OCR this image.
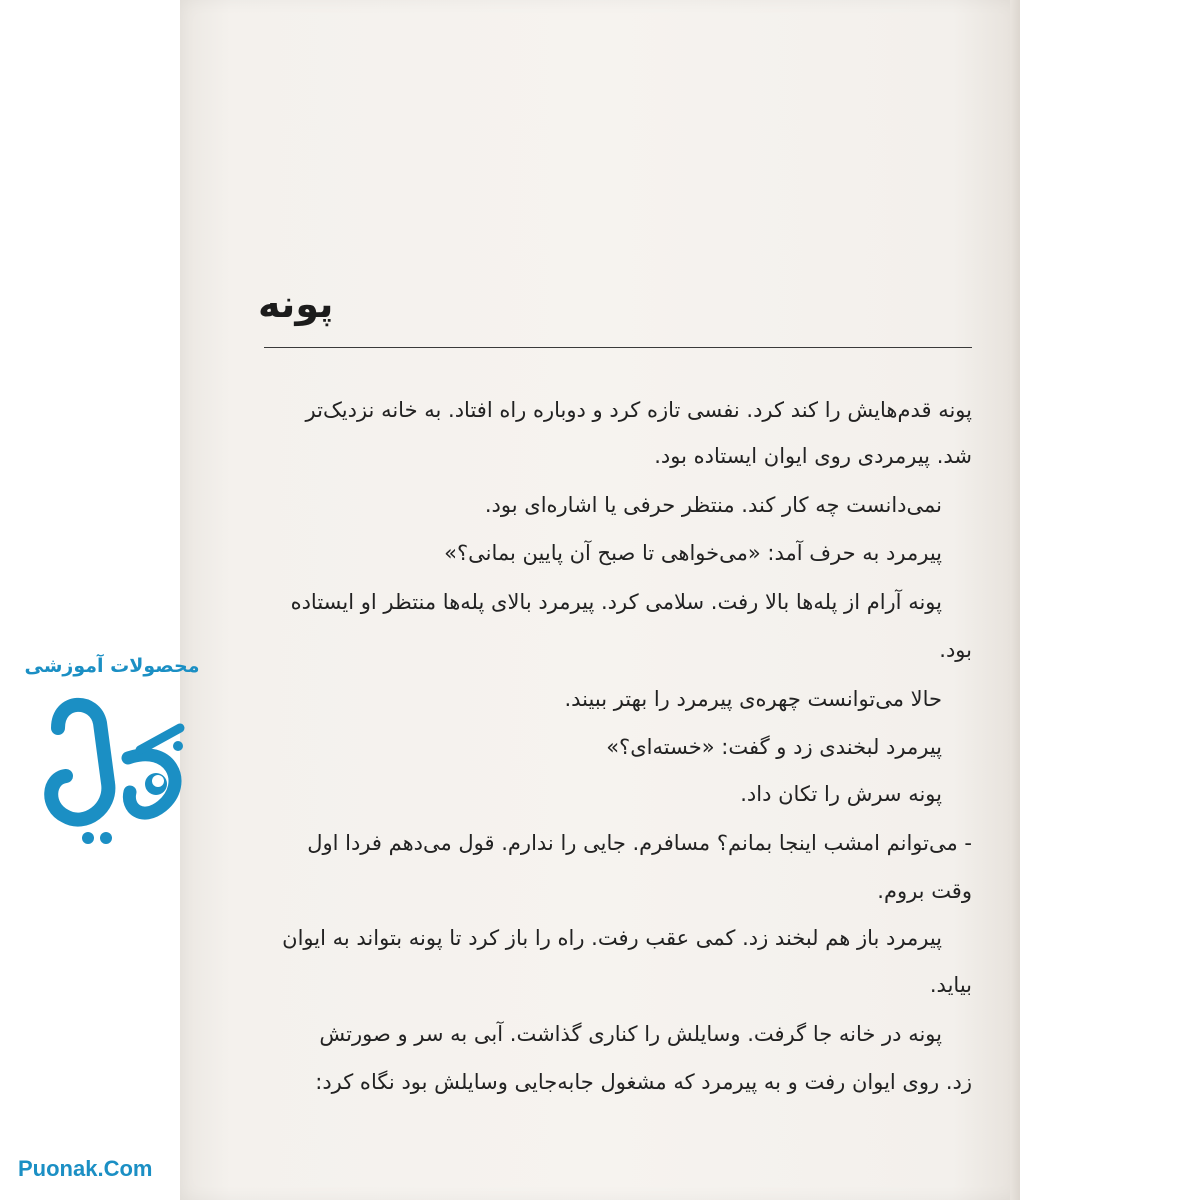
پونه
پونه قدم‌هایش را کند کرد. نفسی تازه کرد و دوباره راه افتاد. به خانه نزدیک‌تر
شد. پیرمردی روی ایوان ایستاده بود.
نمی‌دانست چه کار کند. منتظر حرفی یا اشاره‌ای بود.
پیرمرد به حرف آمد: «می‌خواهی تا صبح آن پایین بمانی؟»
پونه آرام از پله‌ها بالا رفت. سلامی کرد. پیرمرد بالای پله‌ها منتظر او ایستاده
بود.
حالا می‌توانست چهره‌ی پیرمرد را بهتر ببیند.
پیرمرد لبخندی زد و گفت: «خسته‌ای؟»
پونه سرش را تکان داد.
- می‌توانم امشب اینجا بمانم؟ مسافرم. جایی را ندارم. قول می‌دهم فردا اول
وقت بروم.
پیرمرد باز هم لبخند زد. کمی عقب رفت. راه را باز کرد تا پونه بتواند به ایوان
بیاید.
پونه در خانه جا گرفت. وسایلش را کناری گذاشت. آبی به سر و صورتش
زد. روی ایوان رفت و به پیرمرد که مشغول جابه‌جایی وسایلش بود نگاه کرد:
محصولات آموزشی
Puonak.Com
